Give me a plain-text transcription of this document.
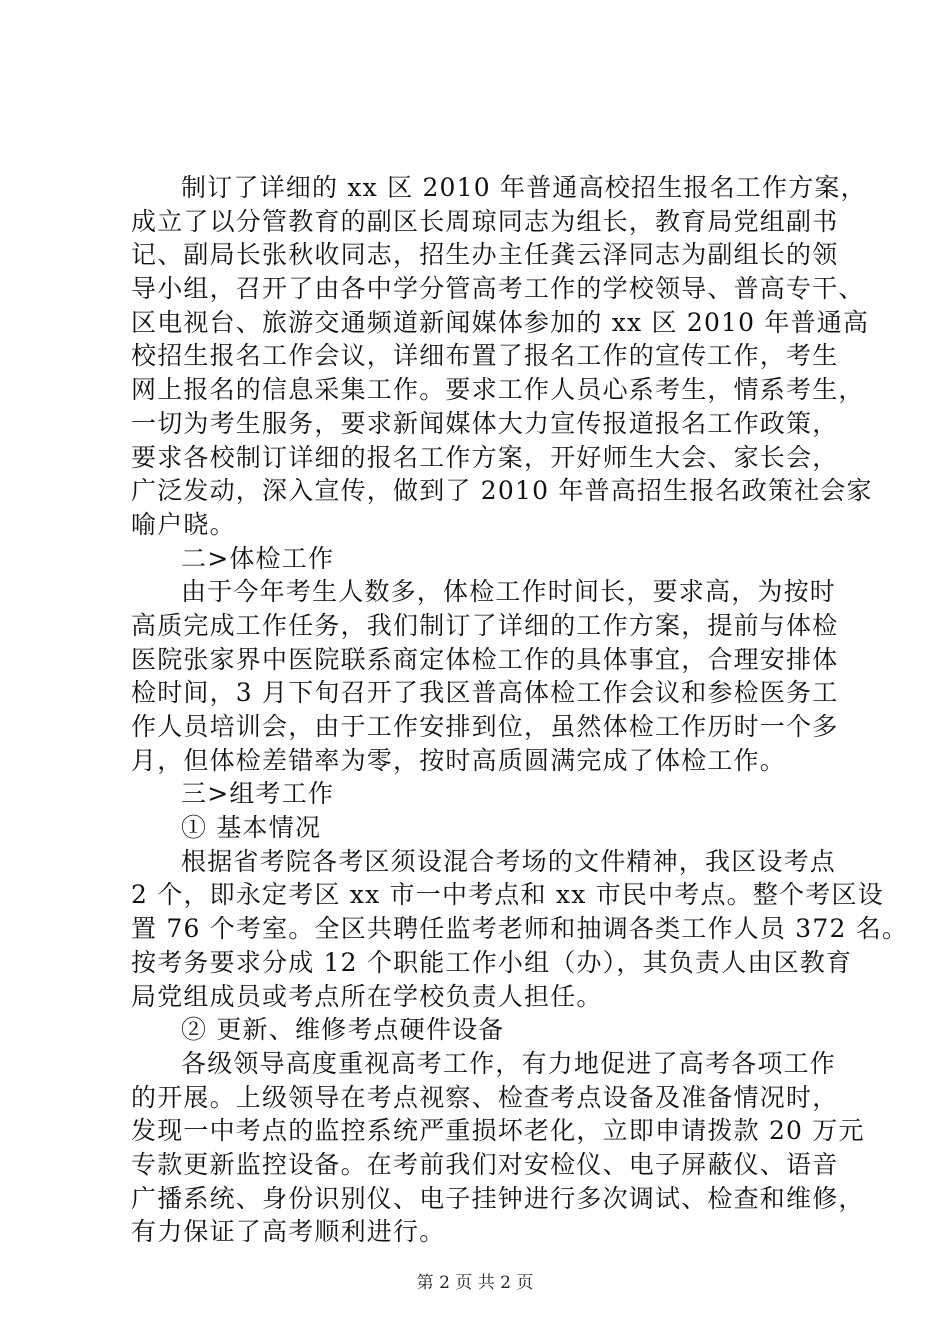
制订了详细的 xx 区 2010 年普通高校招生报名工作方案，
成立了以分管教育的副区长周琼同志为组长，教育局党组副书
记、副局长张秋收同志，招生办主任龚云泽同志为副组长的领
导小组，召开了由各中学分管高考工作的学校领导、普高专干、
区电视台、旅游交通频道新闻媒体参加的 xx 区 2010 年普通高
校招生报名工作会议，详细布置了报名工作的宣传工作，考生
网上报名的信息采集工作。要求工作人员心系考生，情系考生，
一切为考生服务，要求新闻媒体大力宣传报道报名工作政策，
要求各校制订详细的报名工作方案，开好师生大会、家长会，
广泛发动，深入宣传，做到了 2010 年普高招生报名政策社会家
喻户晓。
二>体检工作
由于今年考生人数多，体检工作时间长，要求高，为按时
高质完成工作任务，我们制订了详细的工作方案，提前与体检
医院张家界中医院联系商定体检工作的具体事宜，合理安排体
检时间，3 月下旬召开了我区普高体检工作会议和参检医务工
作人员培训会，由于工作安排到位，虽然体检工作历时一个多
月，但体检差错率为零，按时高质圆满完成了体检工作。
三>组考工作
① 基本情况
根据省考院各考区须设混合考场的文件精神，我区设考点
2 个，即永定考区 xx 市一中考点和 xx 市民中考点。整个考区设
置 76 个考室。全区共聘任监考老师和抽调各类工作人员 372 名。
按考务要求分成 12 个职能工作小组（办），其负责人由区教育
局党组成员或考点所在学校负责人担任。
② 更新、维修考点硬件设备
各级领导高度重视高考工作，有力地促进了高考各项工作
的开展。上级领导在考点视察、检查考点设备及准备情况时，
发现一中考点的监控系统严重损坏老化，立即申请拨款 20 万元
专款更新监控设备。在考前我们对安检仪、电子屏蔽仪、语音
广播系统、身份识别仪、电子挂钟进行多次调试、检查和维修，
有力保证了高考顺利进行。
第 2 页 共 2 页
